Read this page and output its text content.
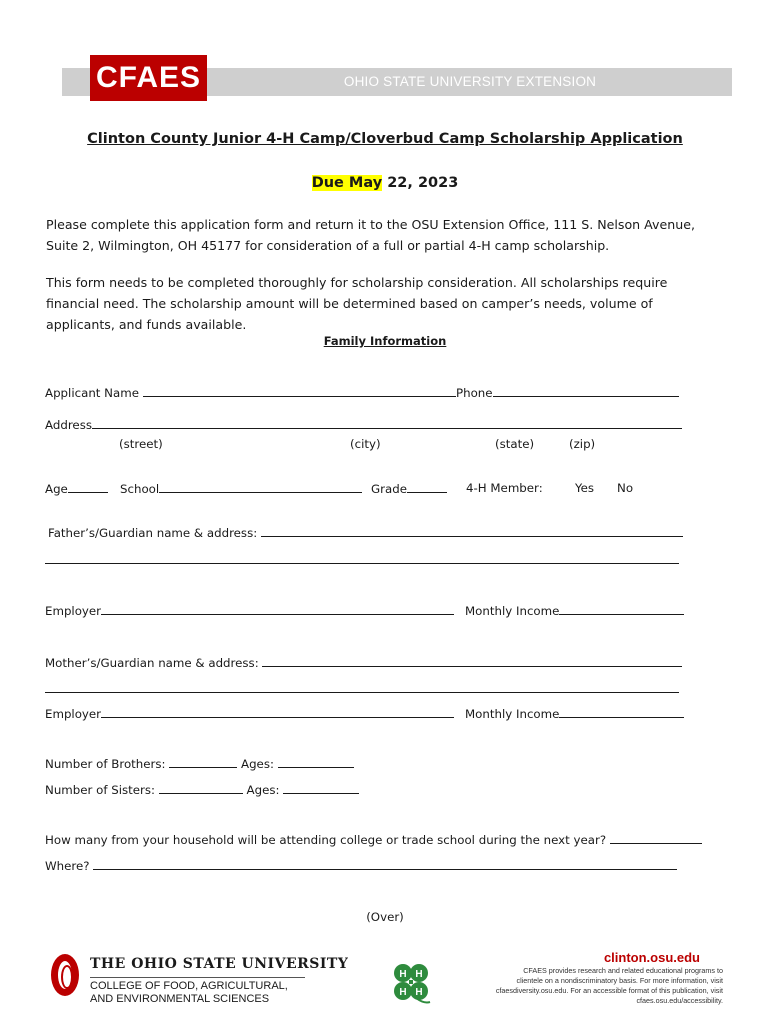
OHIO STATE UNIVERSITY EXTENSION
CFAES
Clinton County Junior 4-H Camp/Cloverbud Camp Scholarship Application
Due May 22, 2023
Please complete this application form and return it to the OSU Extension Office, 111 S. Nelson Avenue, Suite 2, Wilmington, OH 45177 for consideration of a full or partial 4-H camp scholarship.
This form needs to be completed thoroughly for scholarship consideration. All scholarships require financial need. The scholarship amount will be determined based on camper’s needs, volume of applicants, and funds available.
Family Information
Applicant Name	Phone
Address
(street)	(city)	(state)	(zip)
Age	School	Grade	4-H Member:	Yes No
Father’s/Guardian name & address:
Employer	Monthly Income
Mother’s/Guardian name & address:
Employer	Monthly Income
Number of Brothers:	Ages:
Number of Sisters:	Ages:
How many from your household will be attending college or trade school during the next year?
Where?
(Over)
THE OHIO STATE UNIVERSITY
COLLEGE OF FOOD, AGRICULTURAL,
AND ENVIRONMENTAL SCIENCES
H H
H H
clinton.osu.edu
CFAES provides research and related educational programs to clientele on a nondiscriminatory basis. For more information, visit cfaesdiversity.osu.edu. For an accessible format of this publication, visit cfaes.osu.edu/accessibility.
